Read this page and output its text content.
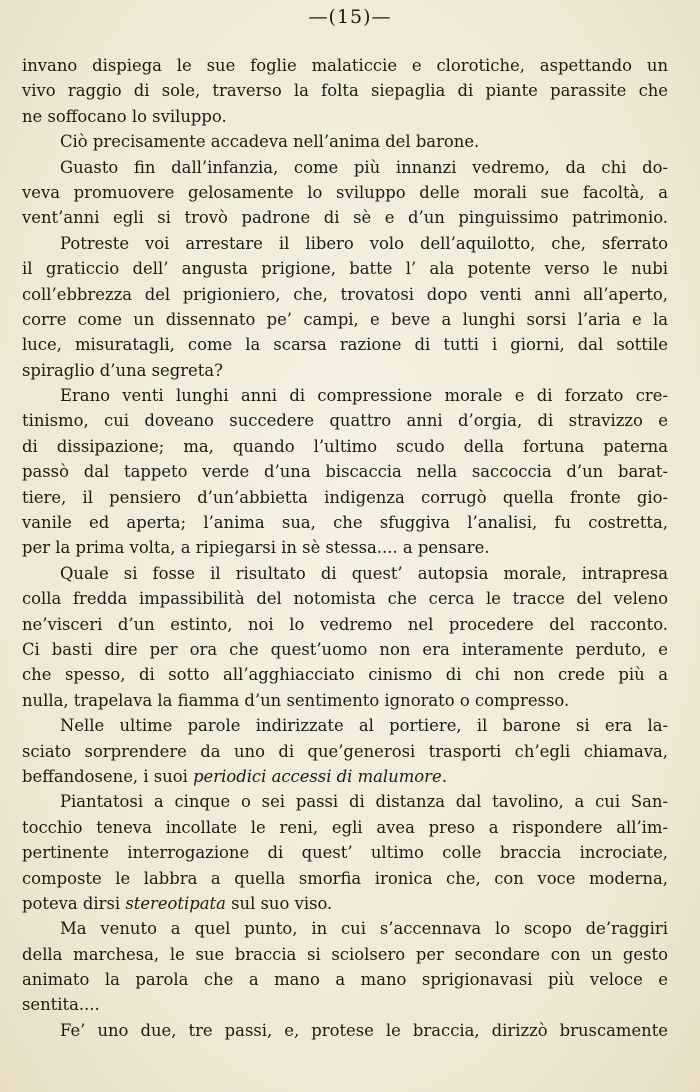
—(15)—
invano dispiega le sue foglie malaticcie e clorotiche, aspettando un
vivo raggio di sole, traverso la folta siepaglia di piante parassite che
ne soffocano lo sviluppo.
Ciò precisamente accadeva nell’anima del barone.
Guasto fin dall’infanzia, come più innanzi vedremo, da chi do-
veva promuovere gelosamente lo sviluppo delle morali sue facoltà, a
vent’anni egli si trovò padrone di sè e d’un pinguissimo patrimonio.
Potreste voi arrestare il libero volo dell’aquilotto, che, sferrato
il graticcio dell’ angusta prigione, batte l’ ala potente verso le nubi
coll’ebbrezza del prigioniero, che, trovatosi dopo venti anni all’aperto,
corre come un dissennato pe’ campi, e beve a lunghi sorsi l’aria e la
luce, misuratagli, come la scarsa razione di tutti i giorni, dal sottile
spiraglio d’una segreta?
Erano venti lunghi anni di compressione morale e di forzato cre-
tinismo, cui doveano succedere quattro anni d’orgia, di stravizzo e
di dissipazione; ma, quando l’ultimo scudo della fortuna paterna
passò dal tappeto verde d’una biscaccia nella saccoccia d’un barat-
tiere, il pensiero d’un’abbietta indigenza corrugò quella fronte gio-
vanile ed aperta; l’anima sua, che sfuggiva l’analisi, fu costretta,
per la prima volta, a ripiegarsi in sè stessa.... a pensare.
Quale si fosse il risultato di quest’ autopsia morale, intrapresa
colla fredda impassibilità del notomista che cerca le tracce del veleno
ne’visceri d’un estinto, noi lo vedremo nel procedere del racconto.
Ci basti dire per ora che quest’uomo non era interamente perduto, e
che spesso, di sotto all’agghiacciato cinismo di chi non crede più a
nulla, trapelava la fiamma d’un sentimento ignorato o compresso.
Nelle ultime parole indirizzate al portiere, il barone si era la-
sciato sorprendere da uno di que’generosi trasporti ch’egli chiamava,
beffandosene, i suoi periodici accessi di malumore.
Piantatosi a cinque o sei passi di distanza dal tavolino, a cui San-
tocchio teneva incollate le reni, egli avea preso a rispondere all’im-
pertinente interrogazione di quest’ ultimo colle braccia incrociate,
composte le labbra a quella smorfia ironica che, con voce moderna,
poteva dirsi stereotipata sul suo viso.
Ma venuto a quel punto, in cui s’accennava lo scopo de’raggiri
della marchesa, le sue braccia si sciolsero per secondare con un gesto
animato la parola che a mano a mano sprigionavasi più veloce e
sentita....
Fe’ uno due, tre passi, e, protese le braccia, dirizzò bruscamente
